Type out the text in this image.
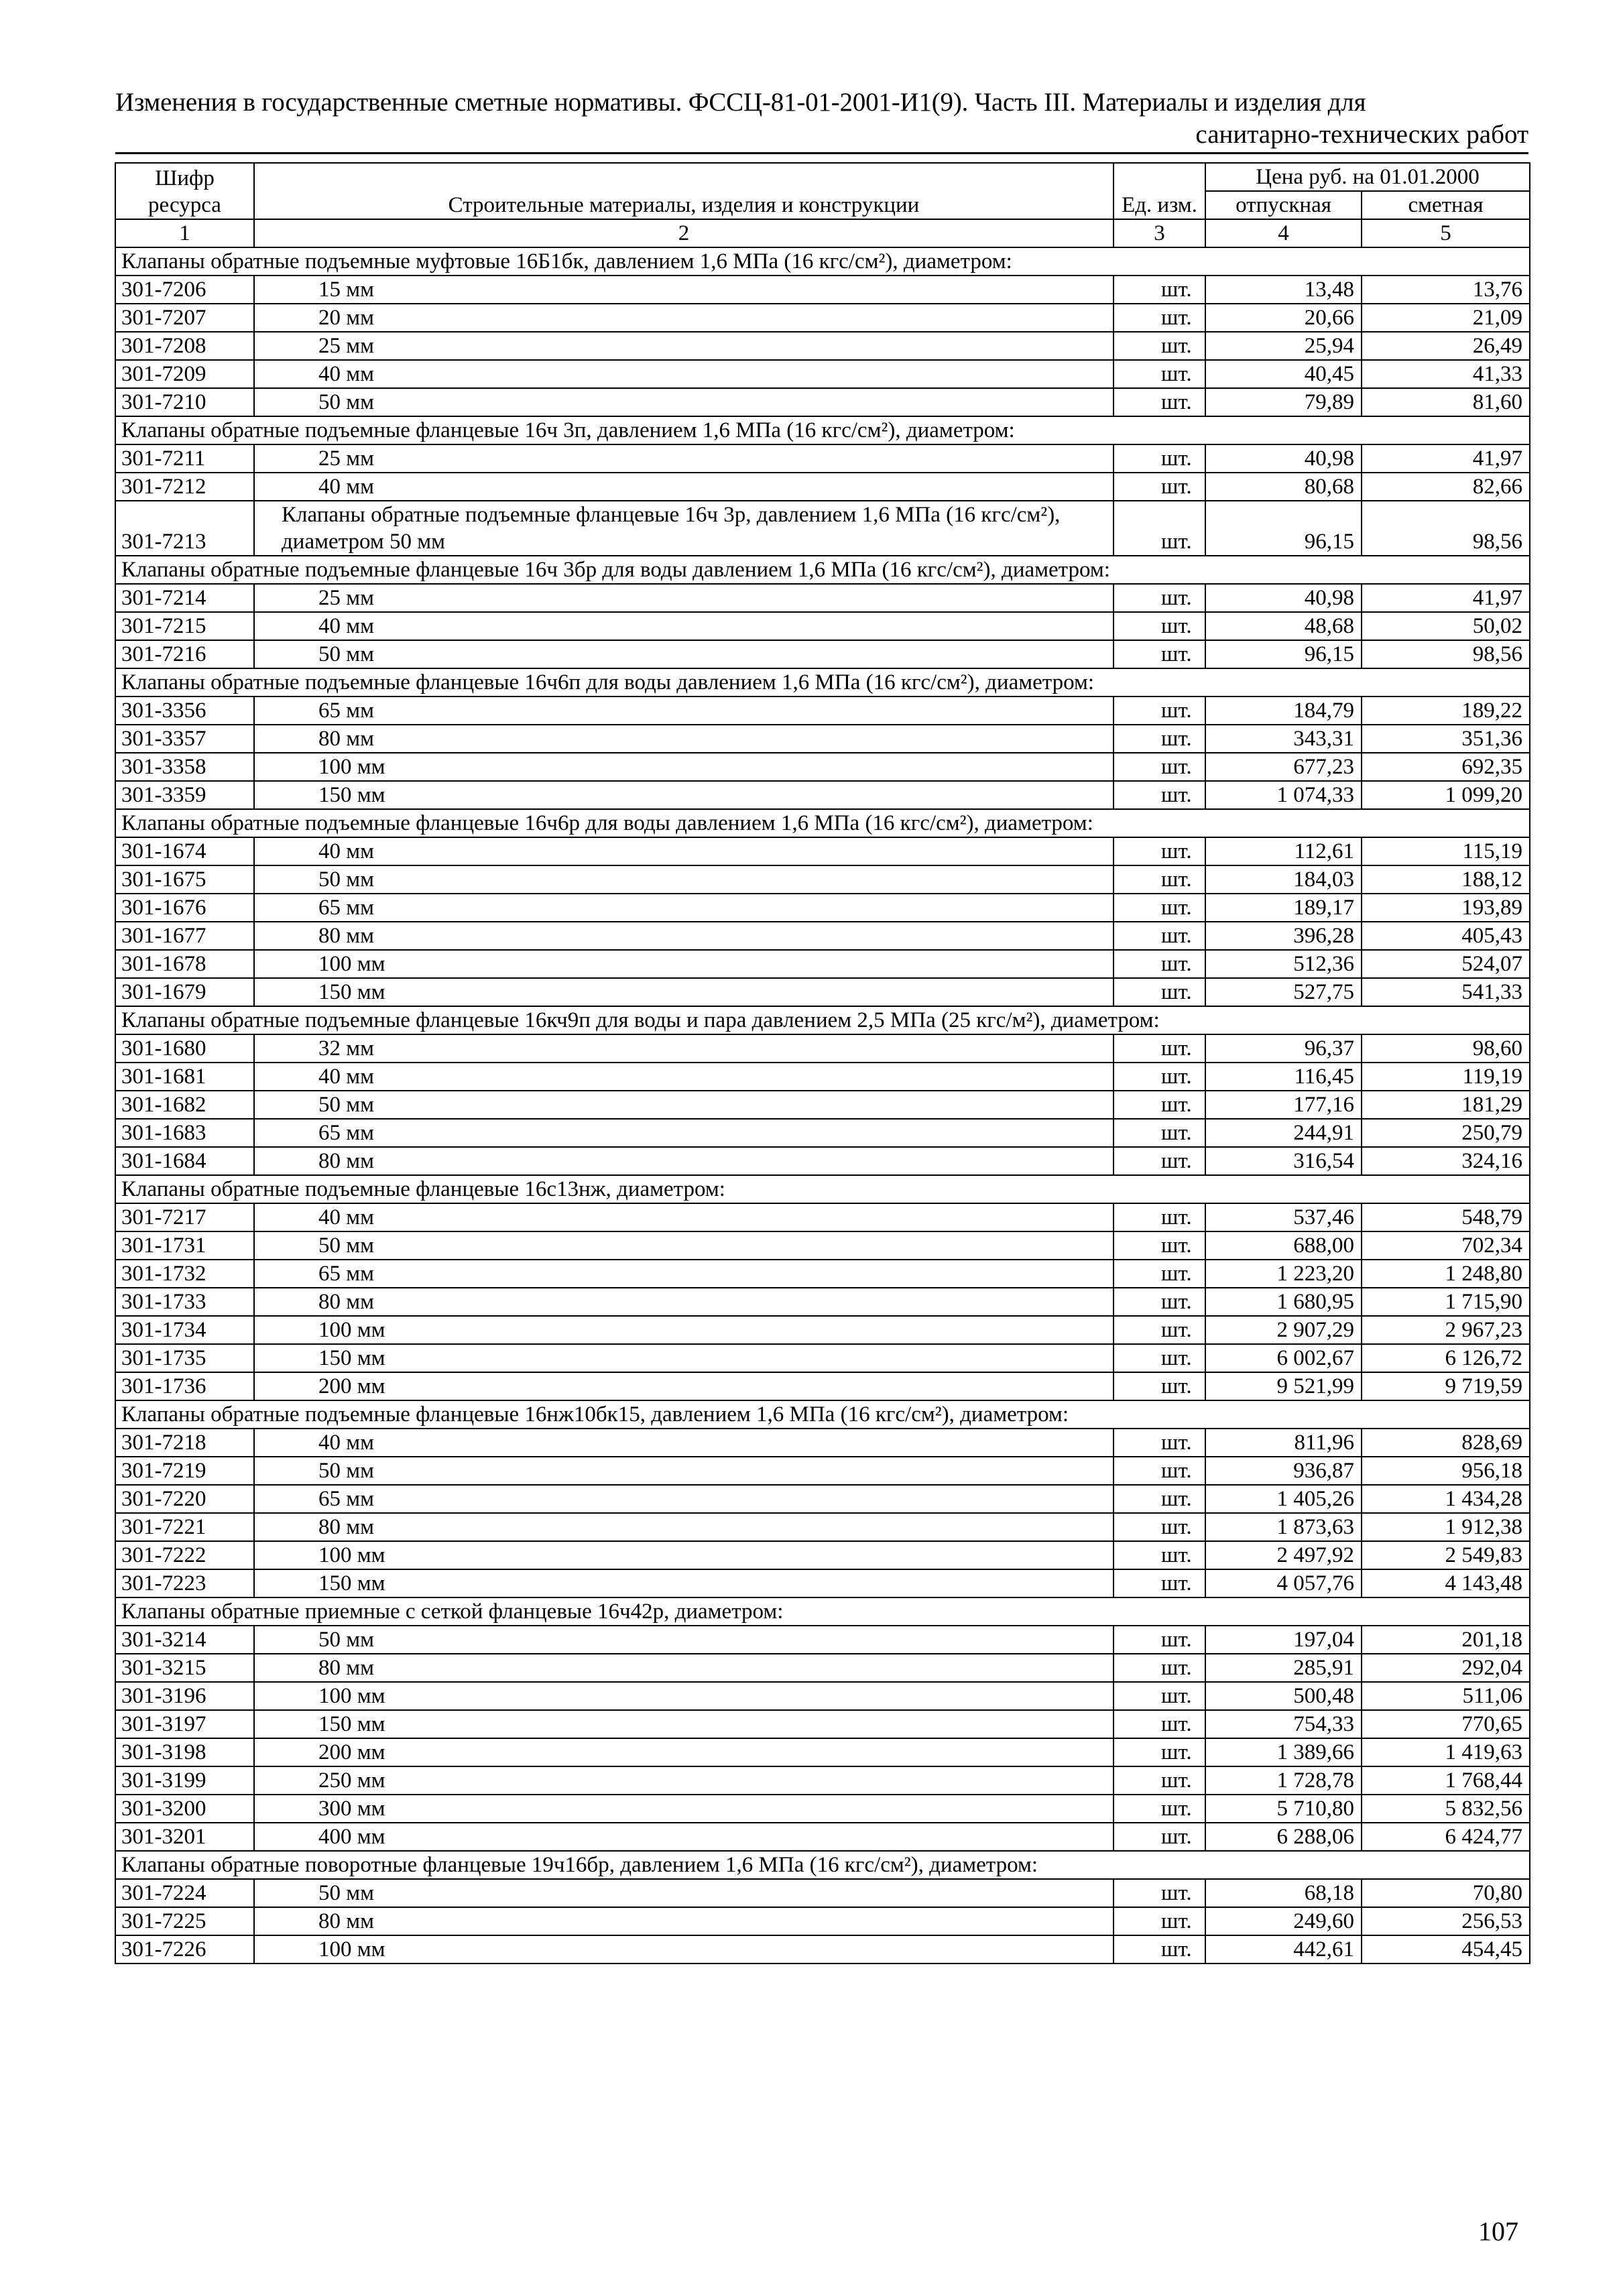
Изменения в государственные сметные нормативы. ФССЦ-81-01-2001-И1(9). Часть III. Материалы и изделия для
санитарно-технических работ
Шифр ресурса	Строительные материалы, изделия и конструкции	Ед. изм.	Цена руб. на 01.01.2000	
			отпускная	сметная
1	2	3	4	5
Клапаны обратные подъемные муфтовые 16Б1бк, давлением 1,6 МПа (16 кгс/см²), диаметром:				
301-7206	15 мм	шт.	13,48	13,76
301-7207	20 мм	шт.	20,66	21,09
301-7208	25 мм	шт.	25,94	26,49
301-7209	40 мм	шт.	40,45	41,33
301-7210	50 мм	шт.	79,89	81,60
Клапаны обратные подъемные фланцевые 16ч 3п, давлением 1,6 МПа (16 кгс/см²), диаметром:				
301-7211	25 мм	шт.	40,98	41,97
301-7212	40 мм	шт.	80,68	82,66
301-7213	Клапаны обратные подъемные фланцевые 16ч 3р, давлением 1,6 МПа (16 кгс/см²), диаметром 50 мм	шт.	96,15	98,56
Клапаны обратные подъемные фланцевые 16ч 3бр для воды давлением 1,6 МПа (16 кгс/см²), диаметром:				
301-7214	25 мм	шт.	40,98	41,97
301-7215	40 мм	шт.	48,68	50,02
301-7216	50 мм	шт.	96,15	98,56
Клапаны обратные подъемные фланцевые 16ч6п для воды давлением 1,6 МПа (16 кгс/см²), диаметром:				
301-3356	65 мм	шт.	184,79	189,22
301-3357	80 мм	шт.	343,31	351,36
301-3358	100 мм	шт.	677,23	692,35
301-3359	150 мм	шт.	1 074,33	1 099,20
Клапаны обратные подъемные фланцевые 16ч6р для воды давлением 1,6 МПа (16 кгс/см²), диаметром:				
301-1674	40 мм	шт.	112,61	115,19
301-1675	50 мм	шт.	184,03	188,12
301-1676	65 мм	шт.	189,17	193,89
301-1677	80 мм	шт.	396,28	405,43
301-1678	100 мм	шт.	512,36	524,07
301-1679	150 мм	шт.	527,75	541,33
Клапаны обратные подъемные фланцевые 16кч9п для воды и пара давлением 2,5 МПа (25 кгс/м²), диаметром:				
301-1680	32 мм	шт.	96,37	98,60
301-1681	40 мм	шт.	116,45	119,19
301-1682	50 мм	шт.	177,16	181,29
301-1683	65 мм	шт.	244,91	250,79
301-1684	80 мм	шт.	316,54	324,16
Клапаны обратные подъемные фланцевые 16с13нж, диаметром:				
301-7217	40 мм	шт.	537,46	548,79
301-1731	50 мм	шт.	688,00	702,34
301-1732	65 мм	шт.	1 223,20	1 248,80
301-1733	80 мм	шт.	1 680,95	1 715,90
301-1734	100 мм	шт.	2 907,29	2 967,23
301-1735	150 мм	шт.	6 002,67	6 126,72
301-1736	200 мм	шт.	9 521,99	9 719,59
Клапаны обратные подъемные фланцевые 16нж10бк15, давлением 1,6 МПа (16 кгс/см²), диаметром:				
301-7218	40 мм	шт.	811,96	828,69
301-7219	50 мм	шт.	936,87	956,18
301-7220	65 мм	шт.	1 405,26	1 434,28
301-7221	80 мм	шт.	1 873,63	1 912,38
301-7222	100 мм	шт.	2 497,92	2 549,83
301-7223	150 мм	шт.	4 057,76	4 143,48
Клапаны обратные приемные с сеткой фланцевые 16ч42р, диаметром:				
301-3214	50 мм	шт.	197,04	201,18
301-3215	80 мм	шт.	285,91	292,04
301-3196	100 мм	шт.	500,48	511,06
301-3197	150 мм	шт.	754,33	770,65
301-3198	200 мм	шт.	1 389,66	1 419,63
301-3199	250 мм	шт.	1 728,78	1 768,44
301-3200	300 мм	шт.	5 710,80	5 832,56
301-3201	400 мм	шт.	6 288,06	6 424,77
Клапаны обратные поворотные фланцевые 19ч16бр, давлением 1,6 МПа (16 кгс/см²), диаметром:				
301-7224	50 мм	шт.	68,18	70,80
301-7225	80 мм	шт.	249,60	256,53
301-7226	100 мм	шт.	442,61	454,45
107
